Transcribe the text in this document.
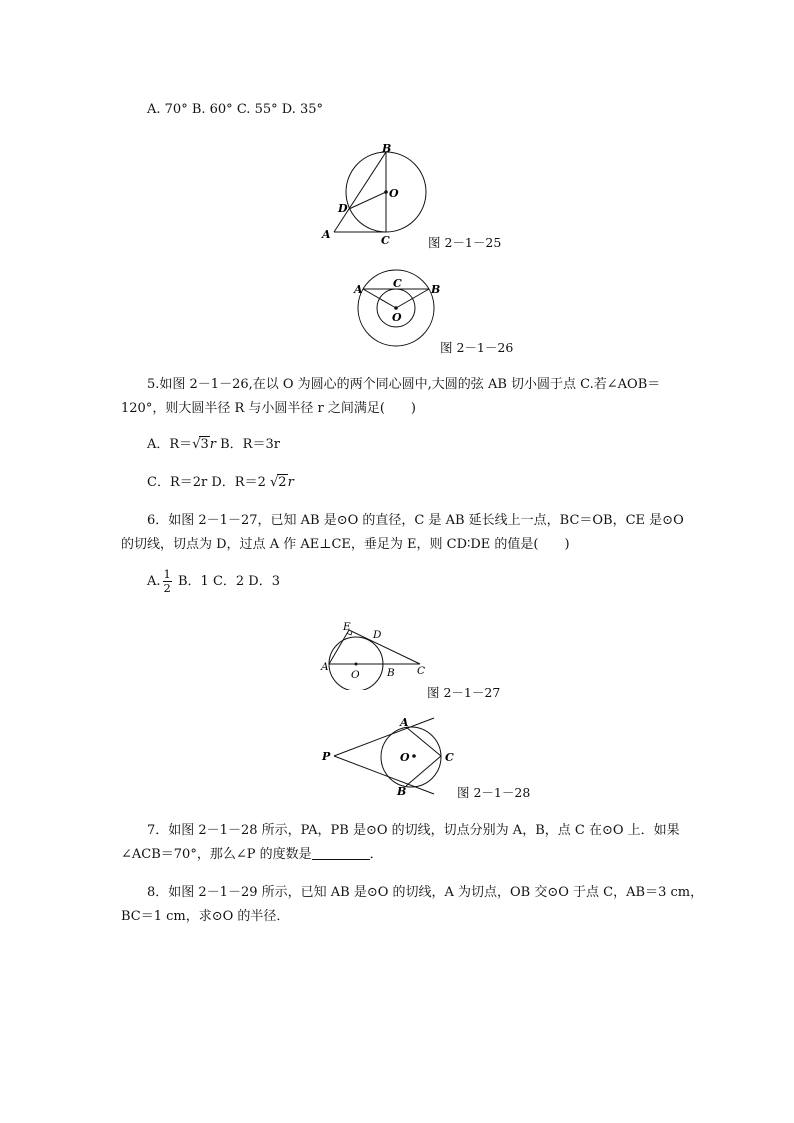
A. 70° B. 60° C. 55° D. 35°
B
O
D
A	C	图 2－1－25
A	C	B
O
图 2－1－26
5.如图 2－1－26,在以 O 为圆心的两个同心圆中,大圆的弦 AB 切小圆于点 C.若∠AOB＝
120°，则大圆半径 R 与小圆半径 r 之间满足(　　)
A．R＝√3r B．R＝3r
C．R＝2r D．R＝2 √2r
6．如图 2－1－27，已知 AB 是⊙O 的直径，C 是 AB 延长线上一点，BC＝OB，CE 是⊙O
的切线，切点为 D，过点 A 作 AE⊥CE，垂足为 E，则 CD∶DE 的值是(　　)
A. $\frac{1}{2}$ B．1 C．2 D．3
E
D
A
O	B C
图 2－1－27
A
P	O	C
B	图 2－1－28
7．如图 2－1－28 所示，PA，PB 是⊙O 的切线，切点分别为 A，B，点 C 在⊙O 上．如果
∠ACB＝70°，那么∠P 的度数是	．
8．如图 2－1－29 所示，已知 AB 是⊙O 的切线，A 为切点，OB 交⊙O 于点 C，AB＝3 cm，
BC＝1 cm，求⊙O 的半径．
